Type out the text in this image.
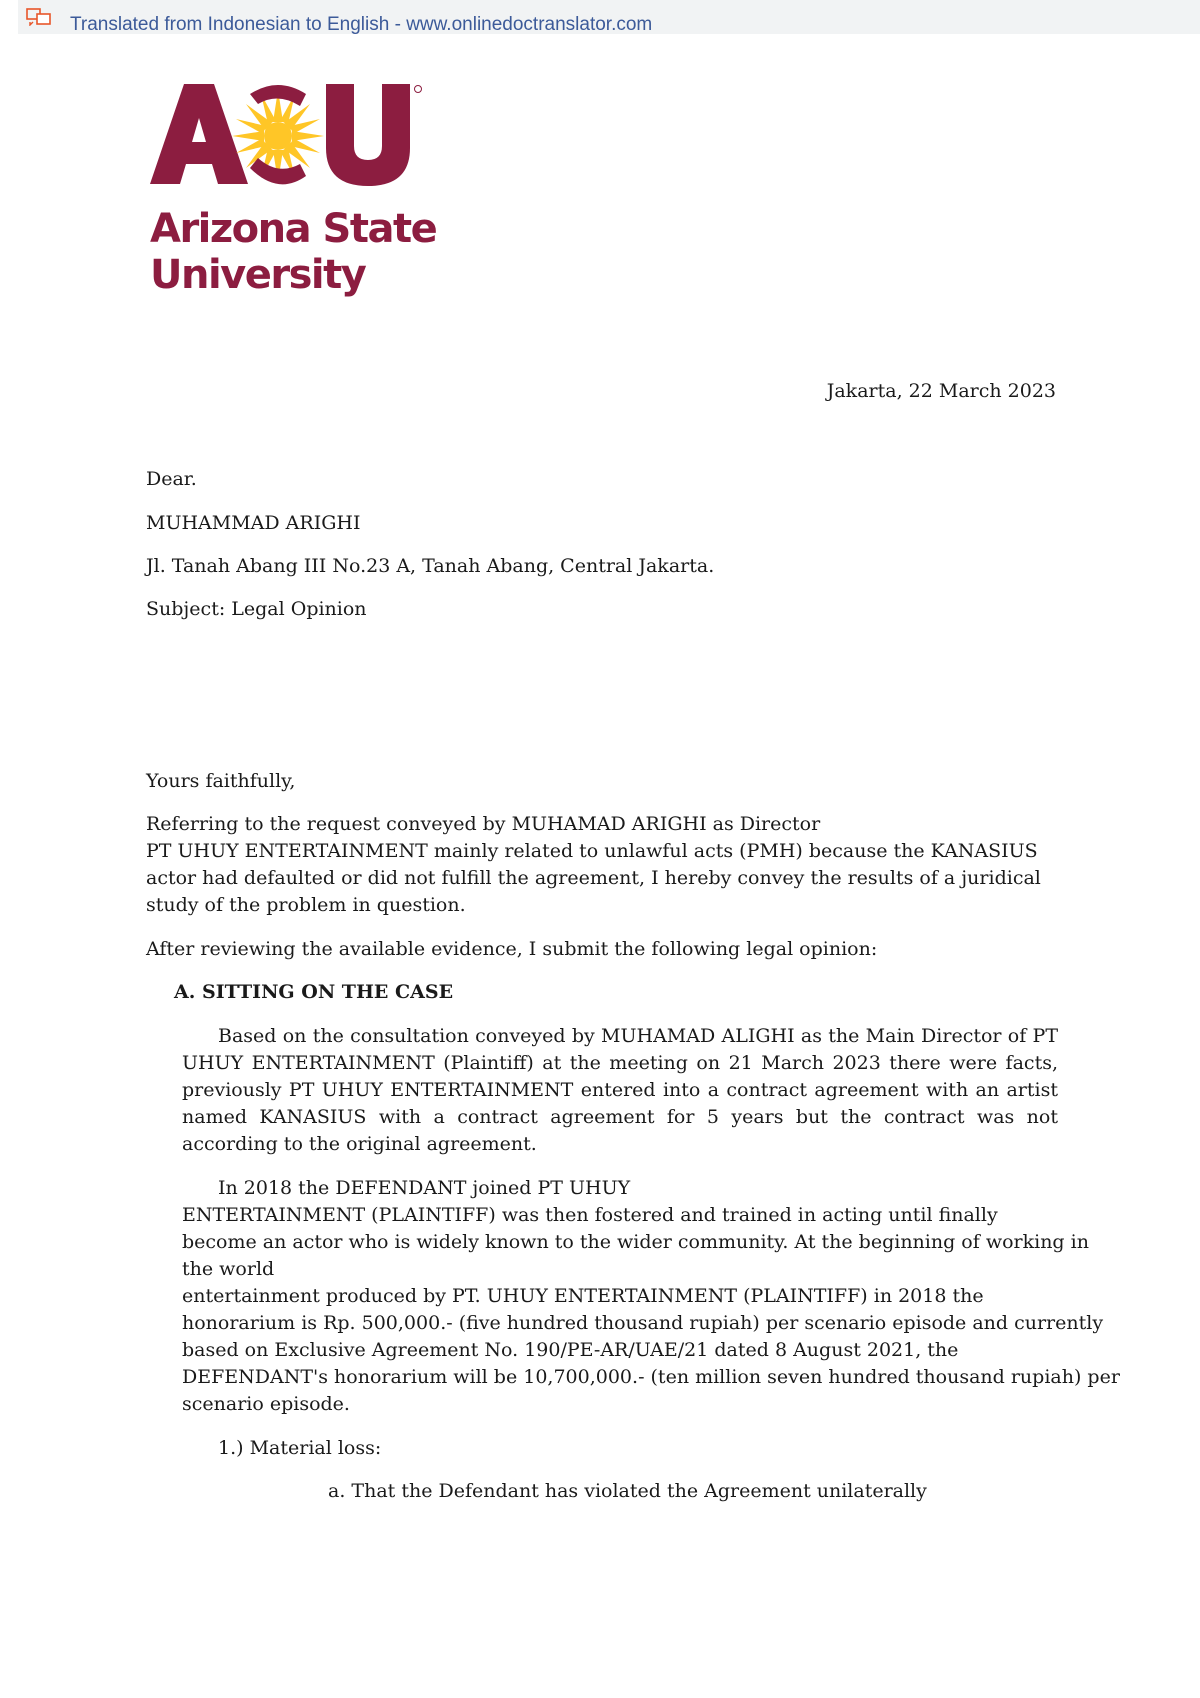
Translated from Indonesian to English - www.onlinedoctranslator.com
Arizona State
University
Jakarta, 22 March 2023
Dear.
MUHAMMAD ARIGHI
Jl. Tanah Abang III No.23 A, Tanah Abang, Central Jakarta.
Subject: Legal Opinion
Yours faithfully,
Referring to the request conveyed by MUHAMAD ARIGHI as Director
PT UHUY ENTERTAINMENT mainly related to unlawful acts (PMH) because the KANASIUS actor had defaulted or did not fulfill the agreement, I hereby convey the results of a juridical study of the problem in question.
After reviewing the available evidence, I submit the following legal opinion:
A. SITTING ON THE CASE
Based on the consultation conveyed by MUHAMAD ALIGHI as the Main Director of PT UHUY ENTERTAINMENT (Plaintiff) at the meeting on 21 March 2023 there were facts, previously PT UHUY ENTERTAINMENT entered into a contract agreement with an artist named KANASIUS with a contract agreement for 5 years but the contract was not according to the original agreement.
In 2018 the DEFENDANT joined PT UHUY
ENTERTAINMENT (PLAINTIFF) was then fostered and trained in acting until finally
become an actor who is widely known to the wider community. At the beginning of working in
the world
entertainment produced by PT. UHUY ENTERTAINMENT (PLAINTIFF) in 2018 the
honorarium is Rp. 500,000.- (five hundred thousand rupiah) per scenario episode and currently
based on Exclusive Agreement No. 190/PE-AR/UAE/21 dated 8 August 2021, the
DEFENDANT's honorarium will be 10,700,000.- (ten million seven hundred thousand rupiah) per
scenario episode.
1.) Material loss:
a. That the Defendant has violated the Agreement unilaterally
